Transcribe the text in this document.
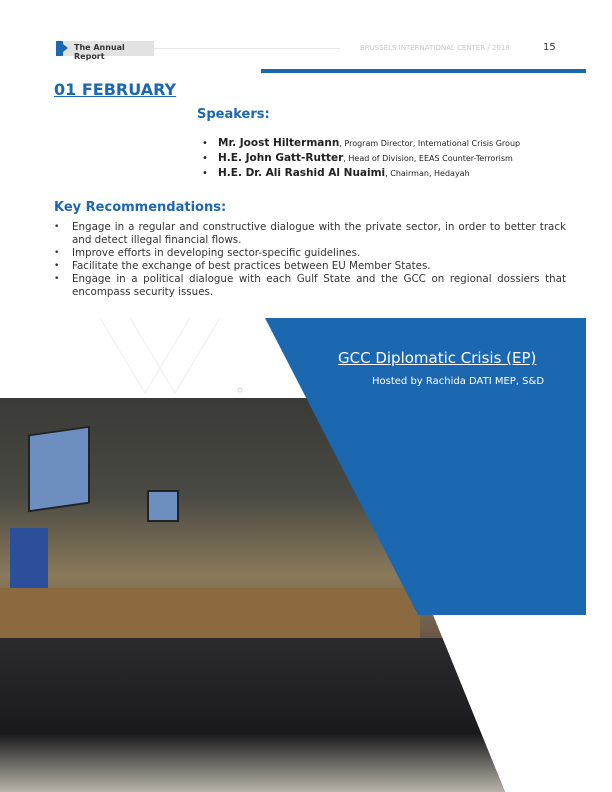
The Annual Report
BRUSSELS INTERNATIONAL CENTER / 2018	15
01 FEBRUARY
Speakers:
• Mr. Joost Hiltermann, Program Director, International Crisis Group
• H.E. John Gatt-Rutter, Head of Division, EEAS Counter-Terrorism
• H.E. Dr. Ali Rashid Al Nuaimi, Chairman, Hedayah
Key Recommendations:
• Engage in a regular and constructive dialogue with the private sector, in order to better track and detect illegal financial flows.
• Improve efforts in developing sector-specific guidelines.
• Facilitate the exchange of best practices between EU Member States.
• Engage in a political dialogue with each Gulf State and the GCC on regional dossiers that encompass security issues.
GCC Diplomatic Crisis (EP)
Hosted by Rachida DATI MEP, S&D
